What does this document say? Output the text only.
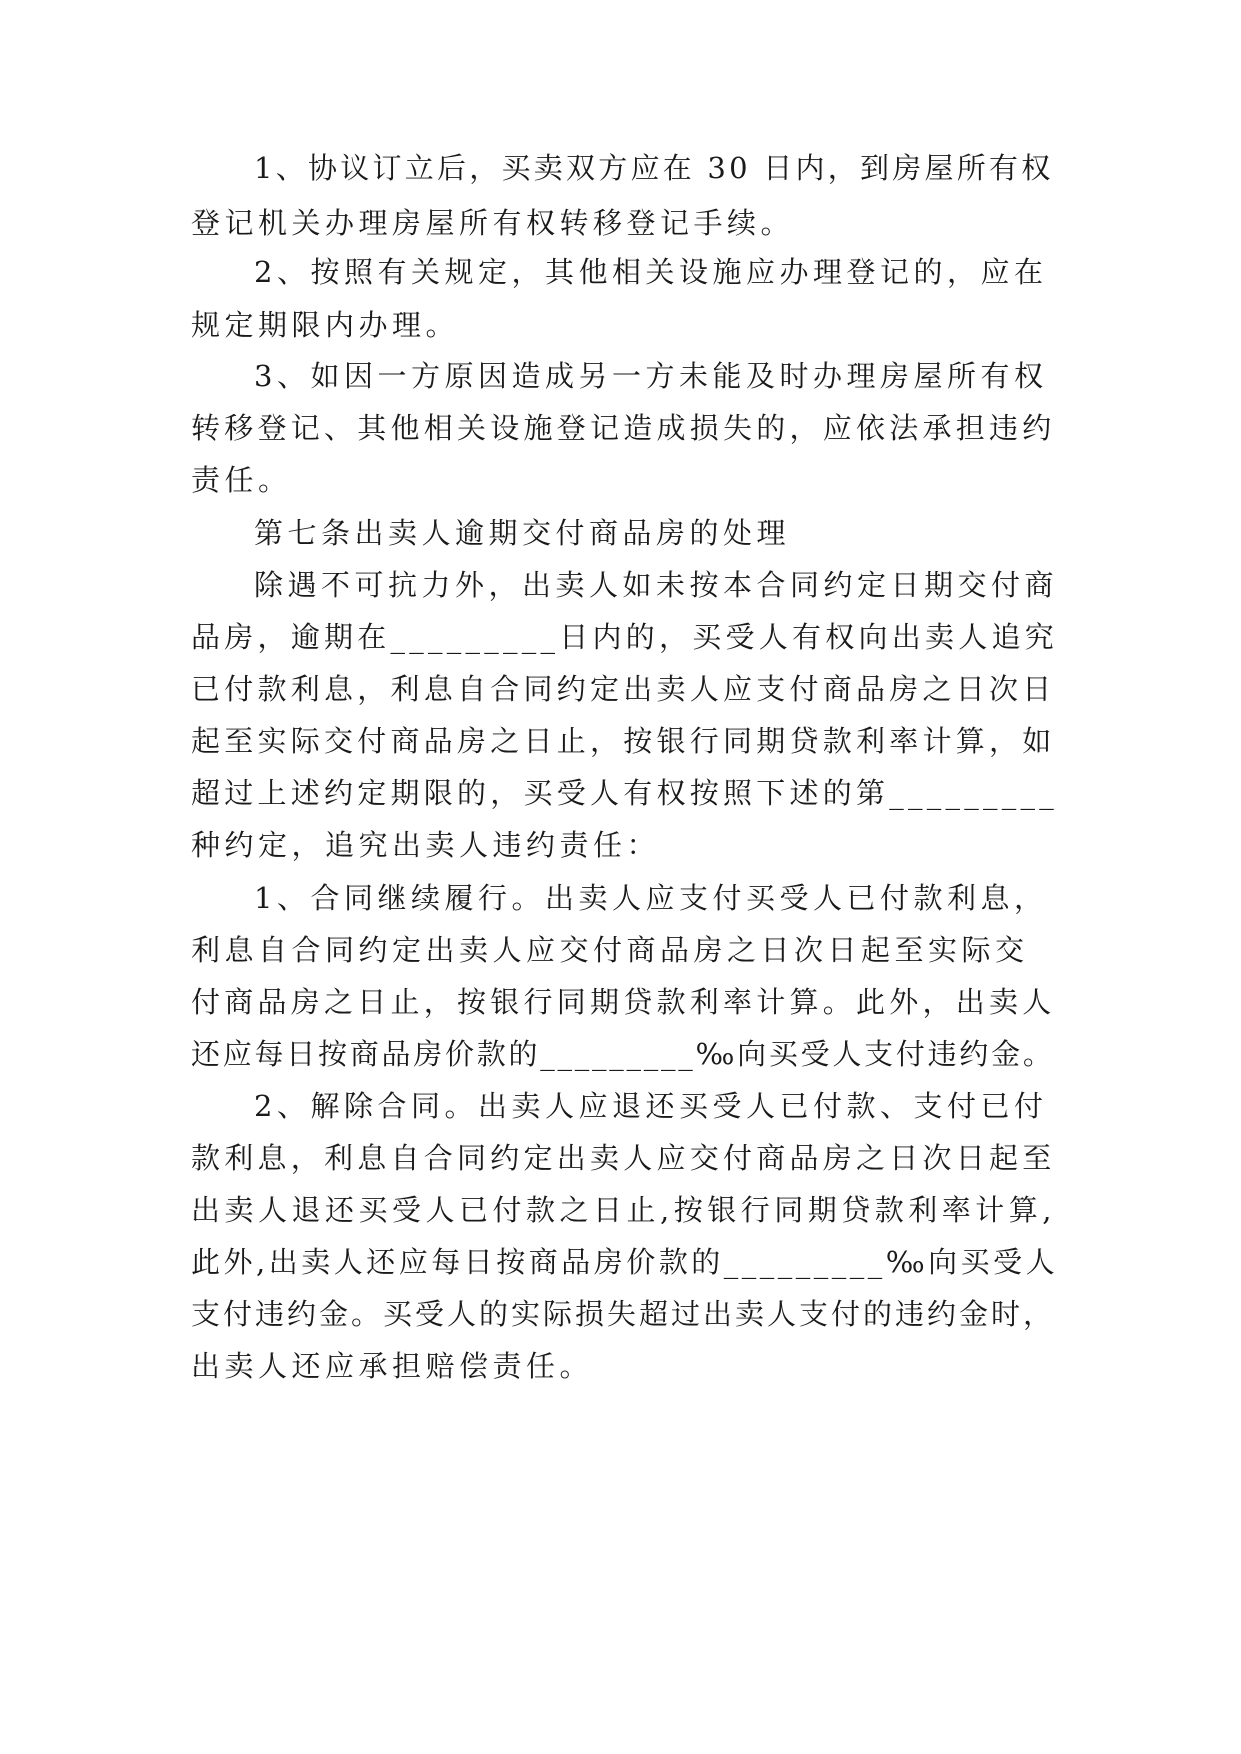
1、协议订立后，买卖双方应在 30 日内，到房屋所有权
登记机关办理房屋所有权转移登记手续。
2、按照有关规定，其他相关设施应办理登记的，应在
规定期限内办理。
3、如因一方原因造成另一方未能及时办理房屋所有权
转移登记、其他相关设施登记造成损失的，应依法承担违约
责任。
第七条出卖人逾期交付商品房的处理
除遇不可抗力外，出卖人如未按本合同约定日期交付商
品房，逾期在_________日内的，买受人有权向出卖人追究
已付款利息，利息自合同约定出卖人应支付商品房之日次日
起至实际交付商品房之日止，按银行同期贷款利率计算，如
超过上述约定期限的，买受人有权按照下述的第_________
种约定，追究出卖人违约责任：
1、合同继续履行。出卖人应支付买受人已付款利息，
利息自合同约定出卖人应交付商品房之日次日起至实际交
付商品房之日止，按银行同期贷款利率计算。此外，出卖人
还应每日按商品房价款的_________‰向买受人支付违约金。
2、解除合同。出卖人应退还买受人已付款、支付已付
款利息，利息自合同约定出卖人应交付商品房之日次日起至
出卖人退还买受人已付款之日止,按银行同期贷款利率计算,
此外,出卖人还应每日按商品房价款的_________‰向买受人
支付违约金。买受人的实际损失超过出卖人支付的违约金时，
出卖人还应承担赔偿责任。
